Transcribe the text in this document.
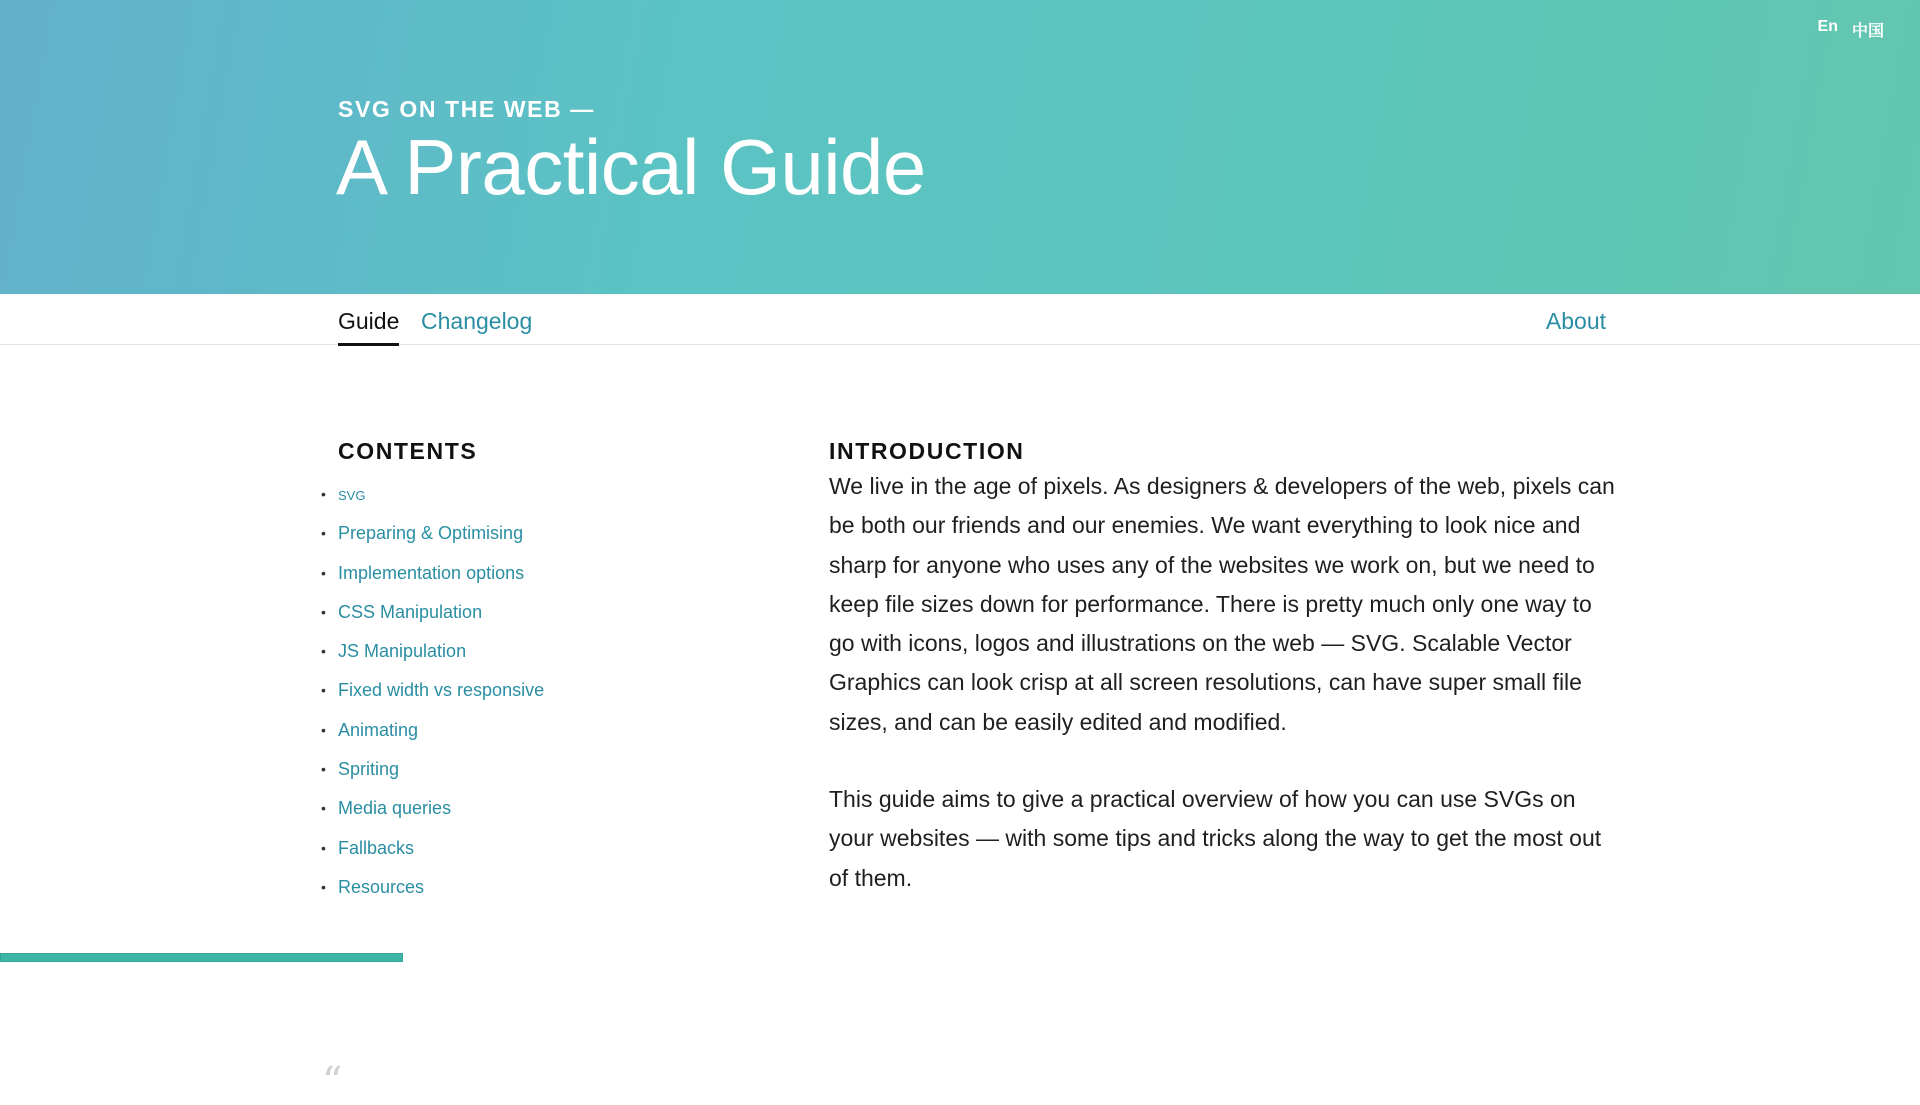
En 中国
SVG ON THE WEB —
A Practical Guide
Guide Changelog	About
CONTENTS
• svg
• Preparing & Optimising
• Implementation options
• CSS Manipulation
• JS Manipulation
• Fixed width vs responsive
• Animating
• Spriting
• Media queries
• Fallbacks
• Resources
INTRODUCTION

We live in the age of pixels. As designers & developers of the web, pixels can be both our friends and our enemies. We want everything to look nice and sharp for anyone who uses any of the websites we work on, but we need to keep file sizes down for performance. There is pretty much only one way to go with icons, logos and illustrations on the web — SVG. Scalable Vector Graphics can look crisp at all screen resolutions, can have super small file sizes, and can be easily edited and modified.

This guide aims to give a practical overview of how you can use SVGs on your websites — with some tips and tricks along the way to get the most out of them.

“
